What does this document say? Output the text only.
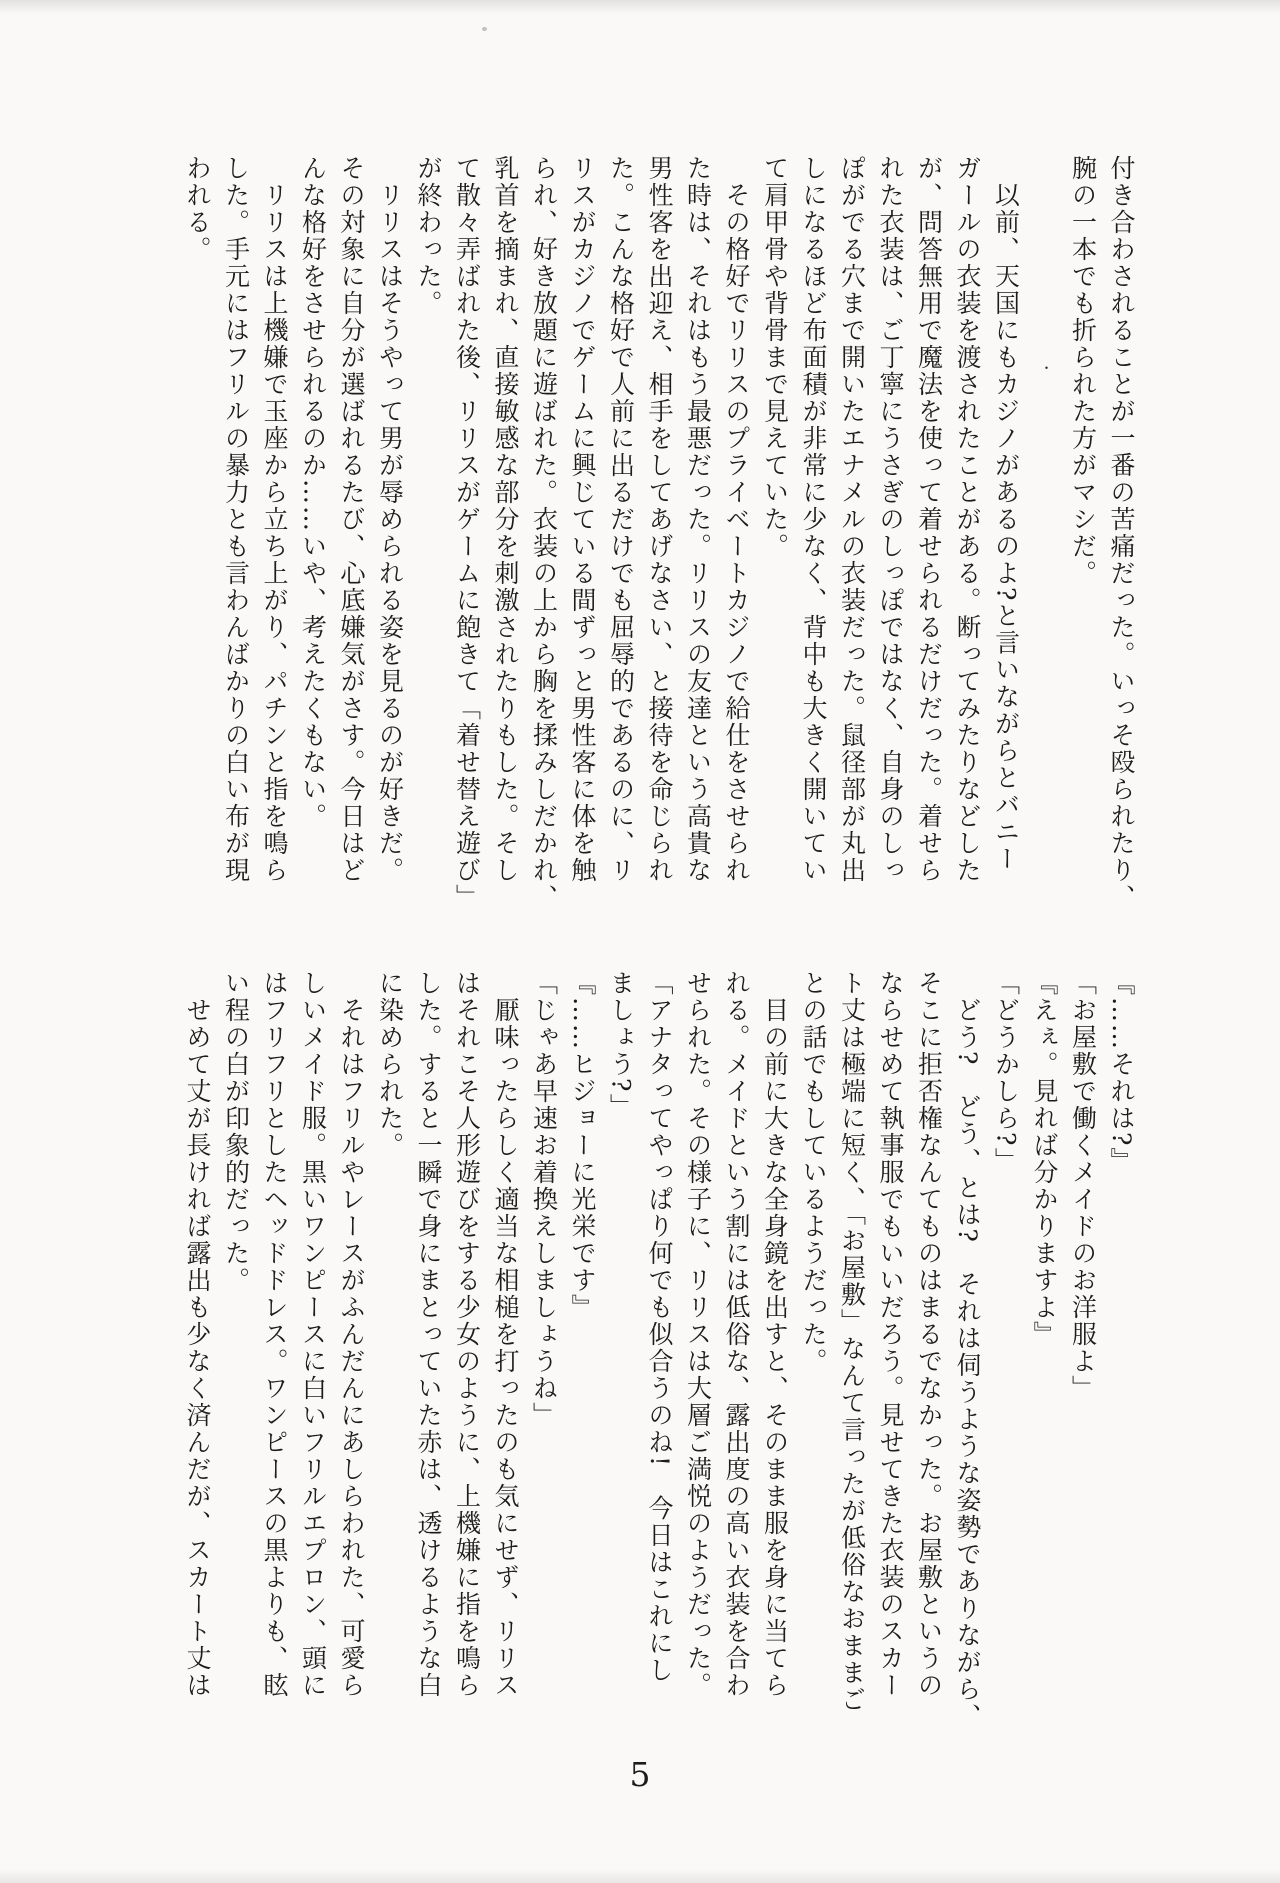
付き合わされることが一番の苦痛だった。いっそ殴られたり、

腕の一本でも折られた方がマシだ。

・

以前、天国にもカジノがあるのよ?と言いながらとバニー

ガールの衣装を渡されたことがある。断ってみたりなどした

が、問答無用で魔法を使って着せられるだけだった。着せら

れた衣装は、ご丁寧にうさぎのしっぽではなく、自身のしっ

ぽがでる穴まで開いたエナメルの衣装だった。鼠径部が丸出

しになるほど布面積が非常に少なく、背中も大きく開いてい

て肩甲骨や背骨まで見えていた。

その格好でリリスのプライベートカジノで給仕をさせられ

た時は、それはもう最悪だった。リリスの友達という高貴な

男性客を出迎え、相手をしてあげなさい、と接待を命じられ

た。こんな格好で人前に出るだけでも屈辱的であるのに、リ

リスがカジノでゲームに興じている間ずっと男性客に体を触

られ、好き放題に遊ばれた。衣装の上から胸を揉みしだかれ、

乳首を摘まれ、直接敏感な部分を刺激されたりもした。そし

て散々弄ばれた後、リリスがゲームに飽きて「着せ替え遊び」

が終わった。

リリスはそうやって男が辱められる姿を見るのが好きだ。

その対象に自分が選ばれるたび、心底嫌気がさす。今日はど

んな格好をさせられるのか……いや、考えたくもない。

リリスは上機嫌で玉座から立ち上がり、パチンと指を鳴ら

した。手元にはフリルの暴力とも言わんばかりの白い布が現

われる。

『……それは?』

「お屋敷で働くメイドのお洋服よ」

『えぇ。見れば分かりますよ』

「どうかしら?」

どう?　どう、とは?　それは伺うような姿勢でありながら、

そこに拒否権なんてものはまるでなかった。お屋敷というの

ならせめて執事服でもいいだろう。見せてきた衣装のスカー

ト丈は極端に短く、「お屋敷」なんて言ったが低俗なおままご

との話でもしているようだった。

目の前に大きな全身鏡を出すと、そのまま服を身に当てら

れる。メイドという割には低俗な、露出度の高い衣装を合わ

せられた。その様子に、リリスは大層ご満悦のようだった。

「アナタってやっぱり何でも似合うのね!　今日はこれにし

ましょう?」

『……ヒジョーに光栄です』

「じゃあ早速お着換えしましょうね」

厭味ったらしく適当な相槌を打ったのも気にせず、リリス

はそれこそ人形遊びをする少女のように、上機嫌に指を鳴ら

した。すると一瞬で身にまとっていた赤は、透けるような白

に染められた。

それはフリルやレースがふんだんにあしらわれた、可愛ら

しいメイド服。黒いワンピースに白いフリルエプロン、頭に

はフリフリとしたヘッドドレス。ワンピースの黒よりも、眩

い程の白が印象的だった。

せめて丈が長ければ露出も少なく済んだが、スカート丈は

5
